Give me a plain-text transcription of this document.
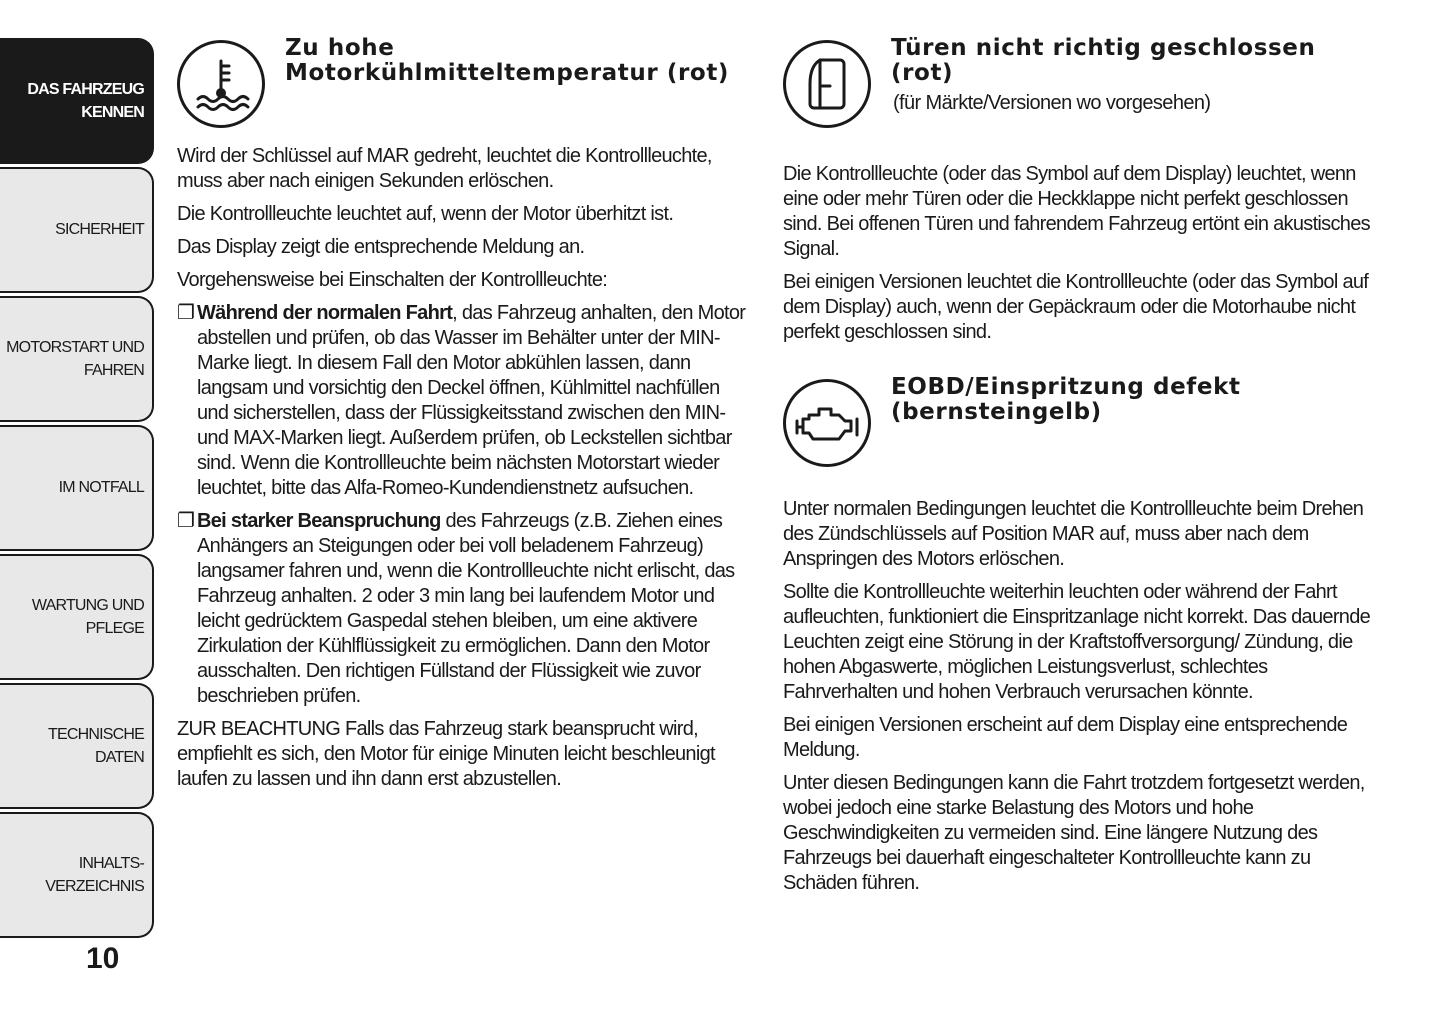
DAS FAHRZEUG
KENNEN
SICHERHEIT
MOTORSTART UND
FAHREN
IM NOTFALL
WARTUNG UND
PFLEGE
TECHNISCHE DATEN
INHALTS-
VERZEICHNIS
10
Zu hohe Motorkühlmitteltemperatur (rot)

Wird der Schlüssel auf MAR gedreht, leuchtet die Kontrollleuchte, muss aber nach einigen Sekunden erlöschen.

Die Kontrollleuchte leuchtet auf, wenn der Motor überhitzt ist.

Das Display zeigt die entsprechende Meldung an.

Vorgehensweise bei Einschalten der Kontrollleuchte:

❐ Während der normalen Fahrt, das Fahrzeug anhalten, den Motor abstellen und prüfen, ob das Wasser im Behälter unter der MIN-Marke liegt. In diesem Fall den Motor abkühlen lassen, dann langsam und vorsichtig den Deckel öffnen, Kühlmittel nachfüllen und sicherstellen, dass der Flüssigkeitsstand zwischen den MIN- und MAX-Marken liegt. Außerdem prüfen, ob Leckstellen sichtbar sind. Wenn die Kontrollleuchte beim nächsten Motorstart wieder leuchtet, bitte das Alfa-Romeo-Kundendienstnetz aufsuchen.

❐ Bei starker Beanspruchung des Fahrzeugs (z.B. Ziehen eines Anhängers an Steigungen oder bei voll beladenem Fahrzeug) langsamer fahren und, wenn die Kontrollleuchte nicht erlischt, das Fahrzeug anhalten. 2 oder 3 min lang bei laufendem Motor und leicht gedrücktem Gaspedal stehen bleiben, um eine aktivere Zirkulation der Kühlflüssigkeit zu ermöglichen. Dann den Motor ausschalten. Den richtigen Füllstand der Flüssigkeit wie zuvor beschrieben prüfen.

ZUR BEACHTUNG Falls das Fahrzeug stark beansprucht wird, empfiehlt es sich, den Motor für einige Minuten leicht beschleunigt laufen zu lassen und ihn dann erst abzustellen.

Türen nicht richtig geschlossen (rot)
(für Märkte/Versionen wo vorgesehen)

Die Kontrollleuchte (oder das Symbol auf dem Display) leuchtet, wenn eine oder mehr Türen oder die Heckklappe nicht perfekt geschlossen sind. Bei offenen Türen und fahrendem Fahrzeug ertönt ein akustisches Signal.

Bei einigen Versionen leuchtet die Kontrollleuchte (oder das Symbol auf dem Display) auch, wenn der Gepäckraum oder die Motorhaube nicht perfekt geschlossen sind.

EOBD/Einspritzung defekt (bernsteingelb)

Unter normalen Bedingungen leuchtet die Kontrollleuchte beim Drehen des Zündschlüssels auf Position MAR auf, muss aber nach dem Anspringen des Motors erlöschen.

Sollte die Kontrollleuchte weiterhin leuchten oder während der Fahrt aufleuchten, funktioniert die Einspritzanlage nicht korrekt. Das dauernde Leuchten zeigt eine Störung in der Kraftstoffversorgung/ Zündung, die hohen Abgaswerte, möglichen Leistungsverlust, schlechtes Fahrverhalten und hohen Verbrauch verursachen könnte.

Bei einigen Versionen erscheint auf dem Display eine entsprechende Meldung.

Unter diesen Bedingungen kann die Fahrt trotzdem fortgesetzt werden, wobei jedoch eine starke Belastung des Motors und hohe Geschwindigkeiten zu vermeiden sind. Eine längere Nutzung des Fahrzeugs bei dauerhaft eingeschalteter Kontrollleuchte kann zu Schäden führen.
